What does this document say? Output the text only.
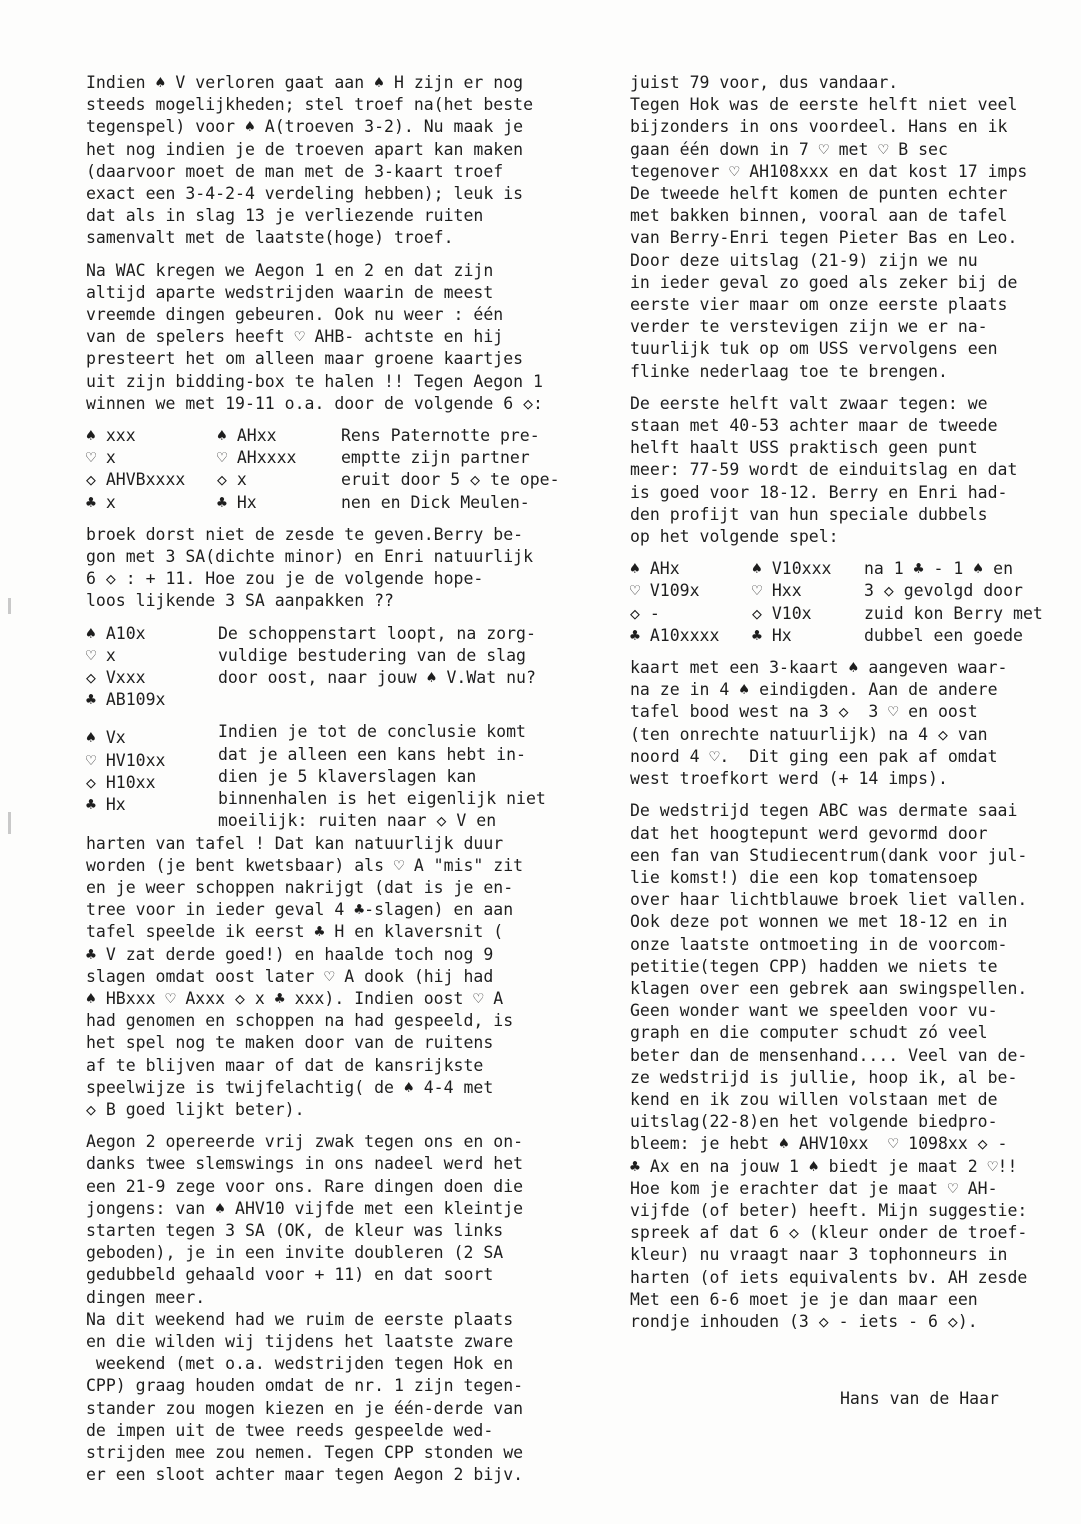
Indien ♠ V verloren gaat aan ♠ H zijn er nog
steeds mogelijkheden; stel troef na(het beste
tegenspel) voor ♠ A(troeven 3-2). Nu maak je
het nog indien je de troeven apart kan maken
(daarvoor moet de man met de 3-kaart troef
exact een 3-4-2-4 verdeling hebben); leuk is
dat als in slag 13 je verliezende ruiten
samenvalt met de laatste(hoge) troef.
Na WAC kregen we Aegon 1 en 2 en dat zijn
altijd aparte wedstrijden waarin de meest
vreemde dingen gebeuren. Ook nu weer : één
van de spelers heeft ♡ AHB- achtste en hij
presteert het om alleen maar groene kaartjes
uit zijn bidding-box te halen !! Tegen Aegon 1
winnen we met 19-11 o.a. door de volgende 6 ◇:
♠ xxx
♡ x
◇ AHVBxxxx
♣ x
♠ AHxx
♡ AHxxxx
◇ x
♣ Hx
Rens Paternotte pre-
emptte zijn partner
eruit door 5 ◇ te ope-
nen en Dick Meulen-
broek dorst niet de zesde te geven.Berry be-
gon met 3 SA(dichte minor) en Enri natuurlijk
6 ◇ : + 11. Hoe zou je de volgende hope-
loos lijkende 3 SA aanpakken ??
♠ A10x
♡ x
◇ Vxxx
♣ AB109x
De schoppenstart loopt, na zorg-
vuldige bestudering van de slag
door oost, naar jouw ♠ V.Wat nu?
♠ Vx
♡ HV10xx
◇ H10xx
♣ Hx
Indien je tot de conclusie komt
dat je alleen een kans hebt in-
dien je 5 klaverslagen kan
binnenhalen is het eigenlijk niet
moeilijk: ruiten naar ◇ V en
harten van tafel ! Dat kan natuurlijk duur
worden (je bent kwetsbaar) als ♡ A "mis" zit
en je weer schoppen nakrijgt (dat is je en-
tree voor in ieder geval 4 ♣-slagen) en aan
tafel speelde ik eerst ♣ H en klaversnit (
♣ V zat derde goed!) en haalde toch nog 9
slagen omdat oost later ♡ A dook (hij had
♠ HBxxx ♡ Axxx ◇ x ♣ xxx). Indien oost ♡ A
had genomen en schoppen na had gespeeld, is
het spel nog te maken door van de ruitens
af te blijven maar of dat de kansrijkste
speelwijze is twijfelachtig( de ♠ 4-4 met
◇ B goed lijkt beter).
Aegon 2 opereerde vrij zwak tegen ons en on-
danks twee slemswings in ons nadeel werd het
een 21-9 zege voor ons. Rare dingen doen die
jongens: van ♠ AHV10 vijfde met een kleintje
starten tegen 3 SA (OK, de kleur was links
geboden), je in een invite doubleren (2 SA
gedubbeld gehaald voor + 11) en dat soort
dingen meer.
Na dit weekend had we ruim de eerste plaats
en die wilden wij tijdens het laatste zware
weekend (met o.a. wedstrijden tegen Hok en
CPP) graag houden omdat de nr. 1 zijn tegen-
stander zou mogen kiezen en je één-derde van
de impen uit de twee reeds gespeelde wed-
strijden mee zou nemen. Tegen CPP stonden we
er een sloot achter maar tegen Aegon 2 bijv.
juist 79 voor, dus vandaar.
Tegen Hok was de eerste helft niet veel
bijzonders in ons voordeel. Hans en ik
gaan één down in 7 ♡ met ♡ B sec
tegenover ♡ AH108xxx en dat kost 17 imps
De tweede helft komen de punten echter
met bakken binnen, vooral aan de tafel
van Berry-Enri tegen Pieter Bas en Leo.
Door deze uitslag (21-9) zijn we nu
in ieder geval zo goed als zeker bij de
eerste vier maar om onze eerste plaats
verder te verstevigen zijn we er na-
tuurlijk tuk op om USS vervolgens een
flinke nederlaag toe te brengen.
De eerste helft valt zwaar tegen: we
staan met 40-53 achter maar de tweede
helft haalt USS praktisch geen punt
meer: 77-59 wordt de einduitslag en dat
is goed voor 18-12. Berry en Enri had-
den profijt van hun speciale dubbels
op het volgende spel:
♠ AHx
♡ V109x
◇ -
♣ A10xxxx
♠ V10xxx
♡ Hxx
◇ V10x
♣ Hx
na 1 ♣ - 1 ♠ en
3 ◇ gevolgd door
zuid kon Berry met
dubbel een goede
kaart met een 3-kaart ♠ aangeven waar-
na ze in 4 ♠ eindigden. Aan de andere
tafel bood west na 3 ◇  3 ♡ en oost
(ten onrechte natuurlijk) na 4 ◇ van
noord 4 ♡.  Dit ging een pak af omdat
west troefkort werd (+ 14 imps).
De wedstrijd tegen ABC was dermate saai
dat het hoogtepunt werd gevormd door
een fan van Studiecentrum(dank voor jul-
lie komst!) die een kop tomatensoep
over haar lichtblauwe broek liet vallen.
Ook deze pot wonnen we met 18-12 en in
onze laatste ontmoeting in de voorcom-
petitie(tegen CPP) hadden we niets te
klagen over een gebrek aan swingspellen.
Geen wonder want we speelden voor vu-
graph en die computer schudt zó veel
beter dan de mensenhand.... Veel van de-
ze wedstrijd is jullie, hoop ik, al be-
kend en ik zou willen volstaan met de
uitslag(22-8)en het volgende biedpro-
bleem: je hebt ♠ AHV10xx  ♡ 1098xx ◇ -
♣ Ax en na jouw 1 ♠ biedt je maat 2 ♡!!
Hoe kom je erachter dat je maat ♡ AH-
vijfde (of beter) heeft. Mijn suggestie:
spreek af dat 6 ◇ (kleur onder de troef-
kleur) nu vraagt naar 3 tophonneurs in
harten (of iets equivalents bv. AH zesde
Met een 6-6 moet je je dan maar een
rondje inhouden (3 ◇ - iets - 6 ◇).
Hans van de Haar
